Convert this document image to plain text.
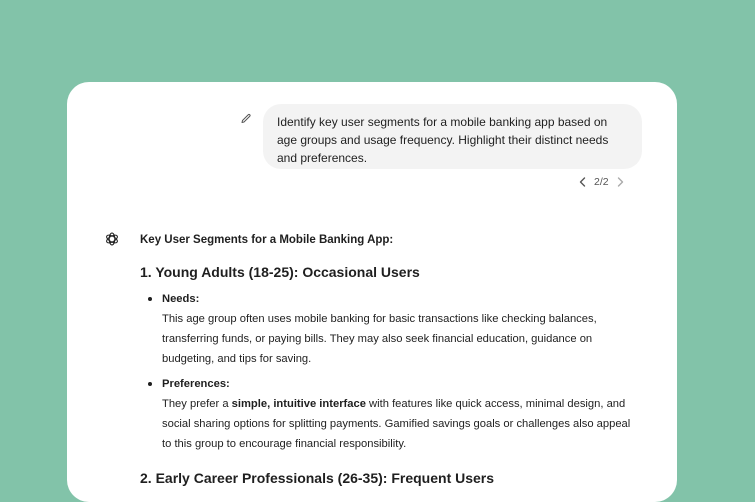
Identify key user segments for a mobile banking app based on age groups and usage frequency. Highlight their distinct needs and preferences.
2/2

Key User Segments for a Mobile Banking App:

1. Young Adults (18-25): Occasional Users

Needs:
This age group often uses mobile banking for basic transactions like checking balances, transferring funds, or paying bills. They may also seek financial education, guidance on budgeting, and tips for saving.
Preferences:
They prefer a simple, intuitive interface with features like quick access, minimal design, and social sharing options for splitting payments. Gamified savings goals or challenges also appeal to this group to encourage financial responsibility.

2. Early Career Professionals (26-35): Frequent Users
